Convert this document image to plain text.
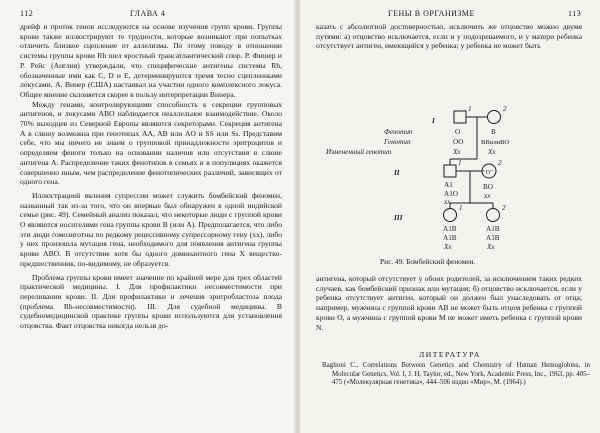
112	ГЛАВА 4

дрейф и проток генов исследуются на основе изучения групп крови. Группы крови также иллюстрируют те трудности, которые возникают при попытках отличить близкое сцепление от аллелизма. По этому поводу в отношении системы группы крови Rh шел яростный трансатлантический спор. Р. Фишер и Р. Рейс (Англия) утверждали, что специфические антигены системы Rh, обозначенные ими как C, D и E, детерминируются тремя тесно сцепленными локусами. А. Винер (США) настаивал на участии одного комплексного локуса. Общее мнение склоняется скорее в пользу интерпретации Винера.

Между генами, контролирующими способность к секреции групповых антигенов, и локусами АВО наблюдается неаллельное взаимодействие. Около 70% выходцев из Северной Европы являются секреторами. Секреция антигена А в слюну возможна при генотипах AA, AB или AO и SS или Ss. Представим себе, что мы ничего не знаем о групповой принадлежности эритроцитов и определяем феноти только на основании наличия или отсутствия в слюне антигена А. Распределение таких фенотипов в семьях и в популяциях окажется совершенно иным, чем распределение фенотипических различий, зависящих от одного гена.

Иллюстрацией явления супрессии может служить бомбейский феномен, названный так из-за того, что он впервые был обнаружен в одной индийской семье (рис. 49). Семейный анализ показал, что некоторые люди с группой крови О являются носителями гена группы крови В (или А). Предполагается, что либо эти люди гомозиготны по редкому рецессивному супрессорному гену (xx), либо у них произошла мутация гена, необходимого для появления антигена группы крови АВО. В отсутствие хотя бы одного доминантного гена X вещество-предшественник, по-видимому, не образуется.

Проблема группы крови имеет значение по крайней мере для трех областей практической медицины. I. Для профилактики несовместимости при переливании крови. II. Для профилактики и лечения эритробластоза плода (проблема Rh-несовместимости). III. Для судебной медицины. В судебномедицинской практике группы крови используются для установления отцовства. Факт отцовства никогда нельзя до-

ГЕНЫ В ОРГАНИЗМЕ	113
казать с абсолютной достоверностью, исключить же отцовство можно двумя путями: а) отцовство исключается, если и у подозреваемого, и у матери ребенка отсутствует антиген, имеющийся у ребенка; у ребенка не может быть
Фенотип
Генотип
Измененный генотип
I
II
III
1	2
1	2
1	2
O
OO
Xx
B
BBилиBO
Xx
A1
A1O
xx
"O"
BO
xx
A1B
A1B
Xx
A1B
A1B
Xx
Рис. 49. Бомбейский феномен.
антигена, который отсутствует у обоих родителей, за исключением таких редких случаев, как бомбейский признак или мутация; б) отцовство исключается, если у ребенка отсутствует антиген, который он должен был унаследовать от отца; например, мужчина с группой крови АВ не может быть отцом ребенка с группой крови О, а мужчина с группой крови М не может иметь ребенка с группой крови N.
ЛИТЕРАТУРА
Baglioni C., Correlations Between Genetics and Chemistry of Human Hemoglobins, in Molecular Genetics, Vol. I, J. H. Taylor, ed., New York, Academic Press, Inc., 1963, pp. 405–475 («Молекулярная генетика», 444–506 издво «Мир», М. (1964).)
